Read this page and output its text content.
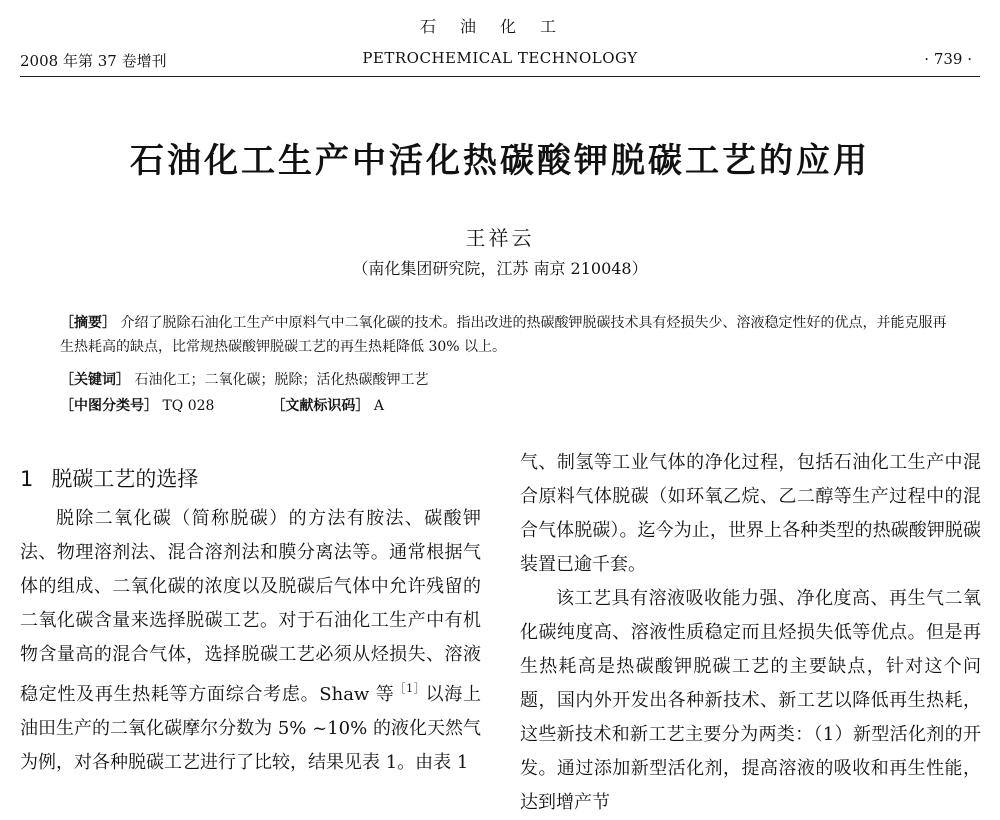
2008 年第 37 卷增刊
石油化工
PETROCHEMICAL TECHNOLOGY	· 739 ·
石油化工生产中活化热碳酸钾脱碳工艺的应用
王祥云
（南化集团研究院，江苏 南京 210048）
［摘要］ 介绍了脱除石油化工生产中原料气中二氧化碳的技术。指出改进的热碳酸钾脱碳技术具有烃损失少、溶液稳定性好的优点，并能克服再生热耗高的缺点，比常规热碳酸钾脱碳工艺的再生热耗降低 30% 以上。
［关键词］ 石油化工；二氧化碳；脱除；活化热碳酸钾工艺
［中图分类号］ TQ 028	［文献标识码］ A
1 脱碳工艺的选择

脱除二氧化碳（简称脱碳）的方法有胺法、碳酸钾法、物理溶剂法、混合溶剂法和膜分离法等。通常根据气体的组成、二氧化碳的浓度以及脱碳后气体中允许残留的二氧化碳含量来选择脱碳工艺。对于石油化工生产中有机物含量高的混合气体，选择脱碳工艺必须从烃损失、溶液稳定性及再生热耗等方面综合考虑。Shaw 等$^{[1]}$以海上油田生产的二氧化碳摩尔分数为 5% ~10% 的液化天然气为例，对各种脱碳工艺进行了比较，结果见表 1。由表 1

气、制氢等工业气体的净化过程，包括石油化工生产中混合原料气体脱碳（如环氧乙烷、乙二醇等生产过程中的混合气体脱碳）。迄今为止，世界上各种类型的热碳酸钾脱碳装置已逾千套。

该工艺具有溶液吸收能力强、净化度高、再生气二氧化碳纯度高、溶液性质稳定而且烃损失低等优点。但是再生热耗高是热碳酸钾脱碳工艺的主要缺点，针对这个问题，国内外开发出各种新技术、新工艺以降低再生热耗，这些新技术和新工艺主要分为两类：（1）新型活化剂的开发。通过添加新型活化剂，提高溶液的吸收和再生性能，达到增产节
